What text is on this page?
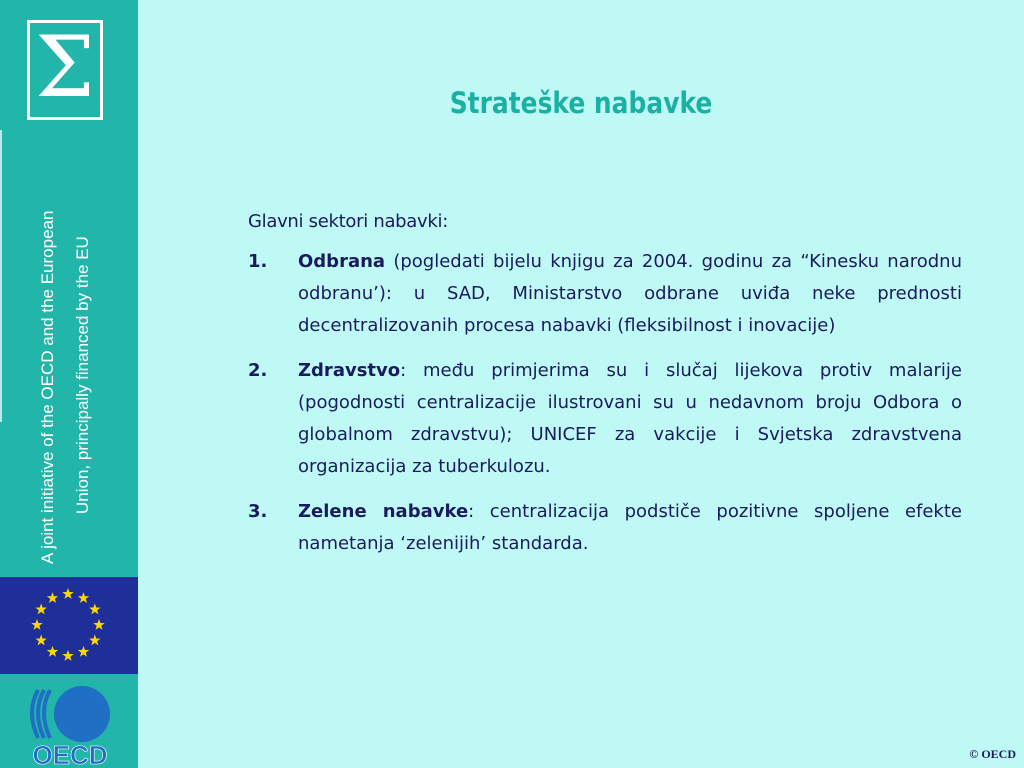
Σ
A joint initiative of the OECD and the European Union, principally financed by the EU
OECD
Strateške nabavke

Glavni sektori nabavki:

1. Odbrana (pogledati bijelu knjigu za 2004. godinu za “Kinesku narodnu odbranu’): u SAD, Ministarstvo odbrane uviđa neke prednosti decentralizovanih procesa nabavki (fleksibilnost i inovacije)
2. Zdravstvo: među primjerima su i slučaj lijekova protiv malarije (pogodnosti centralizacije ilustrovani su u nedavnom broju Odbora o globalnom zdravstvu); UNICEF za vakcije i Svjetska zdravstvena organizacija za tuberkulozu.
3. Zelene nabavke: centralizacija podstiče pozitivne spoljene efekte nametanja ‘zelenijih’ standarda.
© OECD
